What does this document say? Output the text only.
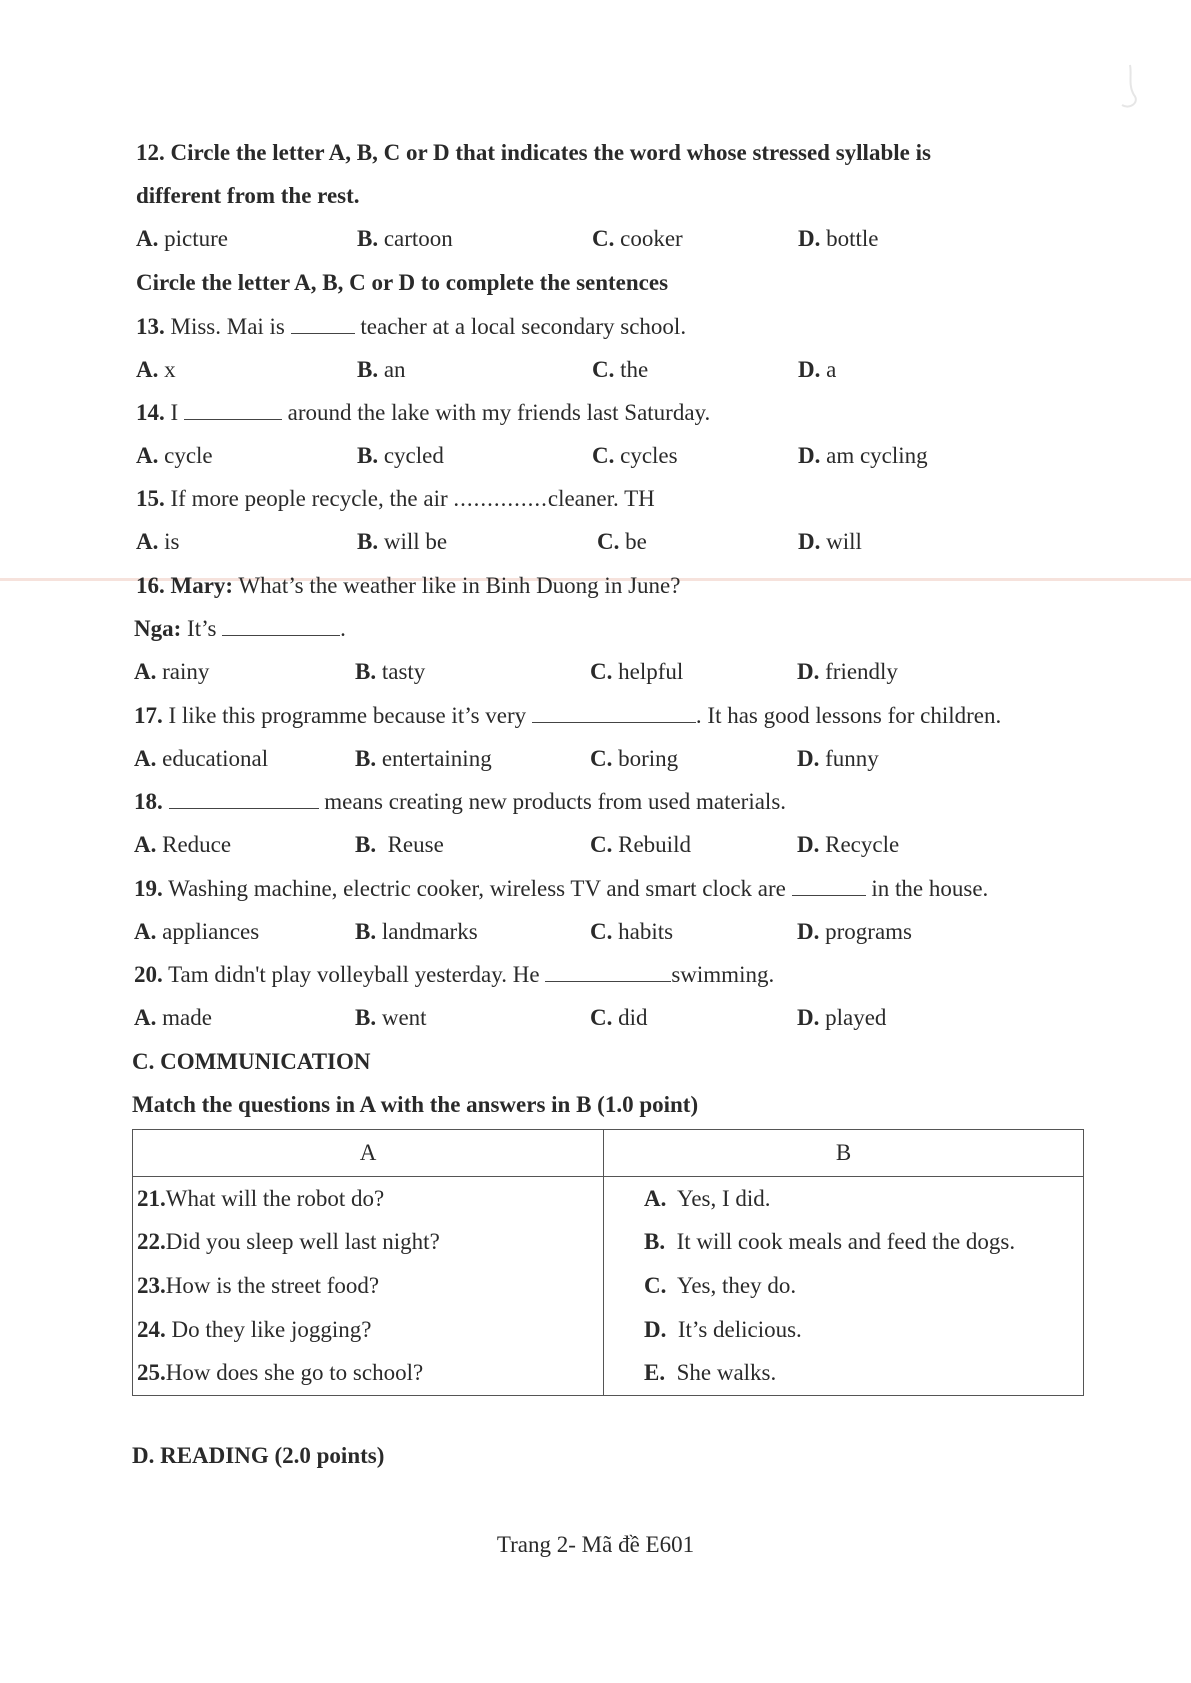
12. Circle the letter A, B, C or D that indicates the word whose stressed syllable is
different from the rest.
A. picture	B. cartoon	C. cooker	D. bottle
Circle the letter A, B, C or D to complete the sentences
13. Miss. Mai is	teacher at a local secondary school.
A. x	B. an	C. the	D. a
14. I	around the lake with my friends last Saturday.
A. cycle	B. cycled	C. cycles	D. am cycling
15. If more people recycle, the air ..............cleaner. TH
A. is	B. will be	C. be	D. will
16. Mary: What’s the weather like in Binh Duong in June?
Nga: It’s	.
A. rainy	B. tasty	C. helpful	D. friendly
17. I like this programme because it’s very	. It has good lessons for children.
A. educational	B. entertaining	C. boring	D. funny
18.	means creating new products from used materials.
A. Reduce	B. Reuse	C. Rebuild	D. Recycle
19. Washing machine, electric cooker, wireless TV and smart clock are	in the house.
A. appliances	B. landmarks	C. habits	D. programs
20. Tam didn't play volleyball yesterday. He	swimming.
A. made	B. went	C. did	D. played
C. COMMUNICATION
Match the questions in A with the answers in B (1.0 point)
A	B
21.What will the robot do?	A. Yes, I did.
22.Did you sleep well last night?	B. It will cook meals and feed the dogs.
23.How is the street food?	C. Yes, they do.
24. Do they like jogging?	D. It’s delicious.
25.How does she go to school?	E. She walks.
D. READING (2.0 points)
Trang 2- Mã đề E601
